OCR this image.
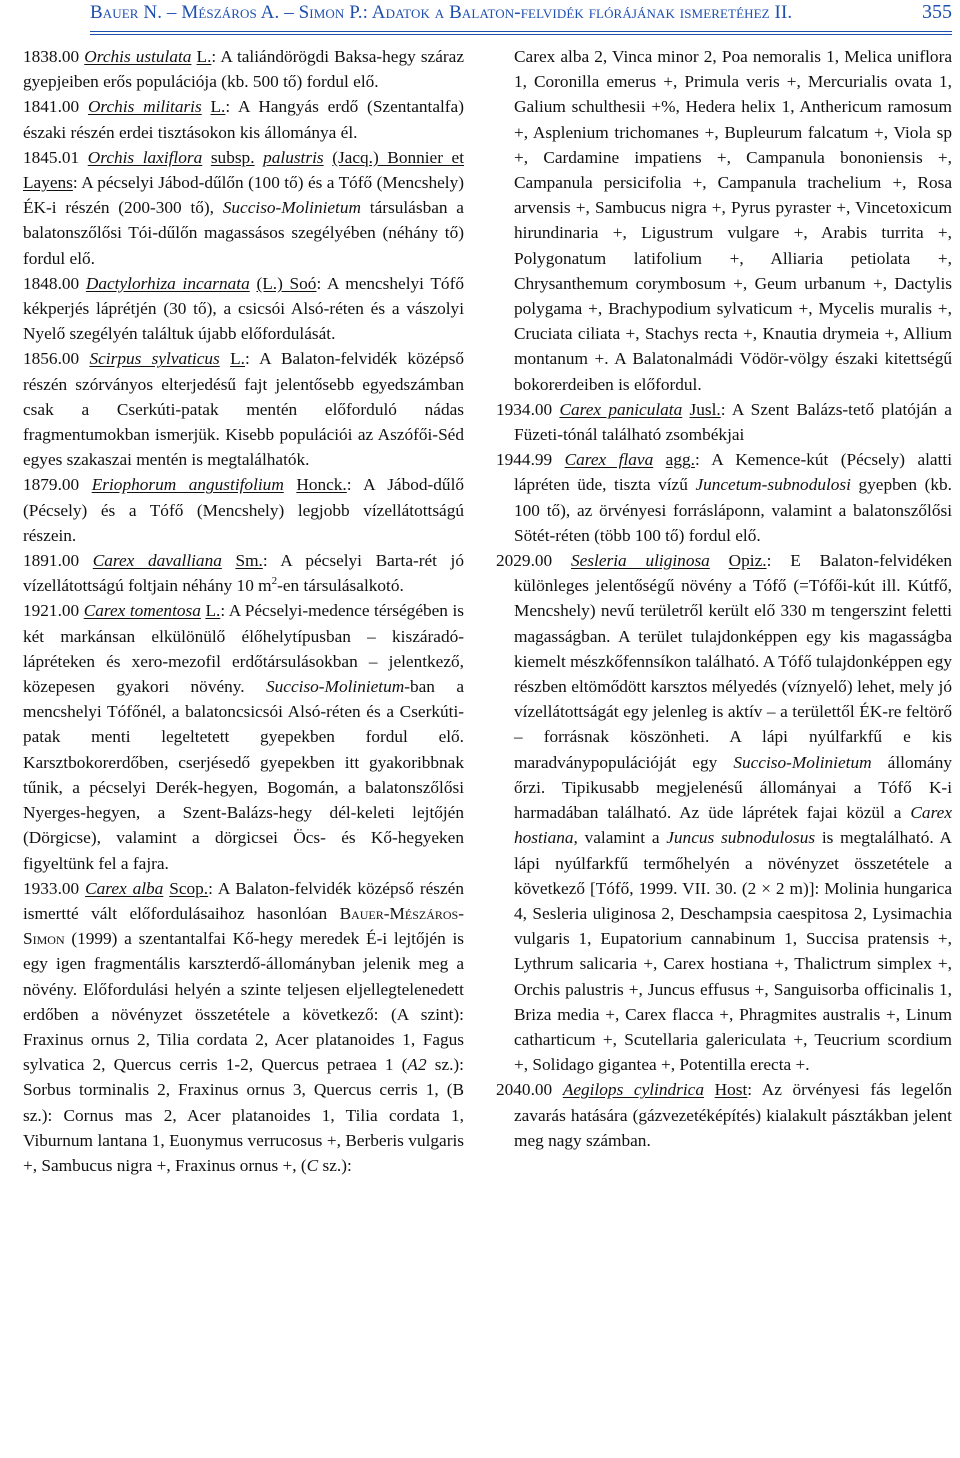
Bauer N. – Mészáros A. – Simon P.: Adatok a Balaton-felvidék flórájának ismeretéhez II.	355

1838.00 Orchis ustulata L.: A taliándörögdi Baksa-hegy száraz gyepjeiben erős populációja (kb. 500 tő) fordul elő.

1841.00 Orchis militaris L.: A Hangyás erdő (Szentantalfa) északi részén erdei tisztásokon kis állománya él.

1845.01 Orchis laxiflora subsp. palustris (Jacq.) Bonnier et Layens: A pécselyi Jábod-dűlőn (100 tő) és a Tófő (Mencshely) ÉK-i részén (200-300 tő), Succiso-Molinietum társulásban a balatonszőlősi Tói-dűlőn magassásos szegélyében (néhány tő) fordul elő.

1848.00 Dactylorhiza incarnata (L.) Soó: A mencshelyi Tófő kékperjés láprétjén (30 tő), a csicsói Alsó-réten és a vászolyi Nyelő szegélyén találtuk újabb előfordulását.

1856.00 Scirpus sylvaticus L.: A Balaton-felvidék középső részén szórványos elterjedésű fajt jelentősebb egyedszámban csak a Cserkúti-patak mentén előforduló nádas fragmentumokban ismerjük. Kisebb populációi az Aszófői-Séd egyes szakaszai mentén is megtalálhatók.

1879.00 Eriophorum angustifolium Honck.: A Jábod-dűlő (Pécsely) és a Tófő (Mencshely) legjobb vízellátottságú részein.

1891.00 Carex davalliana Sm.: A pécselyi Barta-rét jó vízellátottságú foltjain néhány 10 $m^2-en$ társulásalkotó.

1921.00 Carex tomentosa L.: A Pécselyi-medence térségében is két markánsan elkülönülő élőhelytípusban – kiszáradó-lápréteken és xero-mezofil erdőtársulásokban – jelentkező, közepesen gyakori növény. Succiso-Molinietum-ban a mencshelyi Tófőnél, a balatoncsicsói Alsó-réten és a Cserkúti-patak menti legeltetett gyepekben fordul elő. Karsztbokorerdőben, cserjésedő gyepekben itt gyakoribbnak tűnik, a pécselyi Derék-hegyen, Bogomán, a balatonszőlősi Nyerges-hegyen, a Szent-Balázs-hegy dél-keleti lejtőjén (Dörgicse), valamint a dörgicsei Öcs- és Kő-hegyeken figyeltünk fel a fajra.

1933.00 Carex alba Scop.: A Balaton-felvidék középső részén ismertté vált előfordulásaihoz hasonlóan Bauer-Mészáros-Simon (1999) a szentantalfai Kő-hegy meredek É-i lejtőjén is egy igen fragmentális karszterdő-állományban jelenik meg a növény. Előfordulási helyén a szinte teljesen eljellegtelenedett erdőben a növényzet összetétele a következő: (A szint): Fraxinus ornus 2, Tilia cordata 2, Acer platanoides 1, Fagus sylvatica 2, Quercus cerris 1-2, Quercus petraea 1 (A2 sz.): Sorbus torminalis 2, Fraxinus ornus 3, Quercus cerris 1, (B sz.): Cornus mas 2, Acer platanoides 1, Tilia cordata 1, Viburnum lantana 1, Euonymus verrucosus +, Berberis vulgaris +, Sambucus nigra +, Fraxinus ornus +, (C sz.):

Carex alba 2, Vinca minor 2, Poa nemoralis 1, Melica uniflora 1, Coronilla emerus +, Primula veris +, Mercurialis ovata 1, Galium schulthesii +%, Hedera helix 1, Anthericum ramosum +, Asplenium trichomanes +, Bupleurum falcatum +, Viola sp +, Cardamine impatiens +, Campanula bononiensis +, Campanula persicifolia +, Campanula trachelium +, Rosa arvensis +, Sambucus nigra +, Pyrus pyraster +, Vincetoxicum hirundinaria +, Ligustrum vulgare +, Arabis turrita +, Polygonatum latifolium +, Alliaria petiolata +, Chrysanthemum corymbosum +, Geum urbanum +, Dactylis polygama +, Brachypodium sylvaticum +, Mycelis muralis +, Cruciata ciliata +, Stachys recta +, Knautia drymeia +, Allium montanum +. A Balatonalmádi Vödör-völgy északi kitettségű bokorerdeiben is előfordul.

1934.00 Carex paniculata Jusl.: A Szent Balázs-tető platóján a Füzeti-tónál található zsombékjai

1944.99 Carex flava agg.: A Kemence-kút (Pécsely) alatti lápréten üde, tiszta vízű Juncetum-subnodulosi gyepben (kb. 100 tő), az örvényesi forrásláponn, valamint a balatonszőlősi Sötét-réten (több 100 tő) fordul elő.

2029.00 Sesleria uliginosa Opiz.: E Balaton-felvidéken különleges jelentőségű növény a Tófő (=Tófői-kút ill. Kútfő, Mencshely) nevű területről került elő 330 m tengerszint feletti magasságban. A terület tulajdonképpen egy kis magasságba kiemelt mészkőfennsíkon található. A Tófő tulajdonképpen egy részben eltömődött karsztos mélyedés (víznyelő) lehet, mely jó vízellátottságát egy jelenleg is aktív – a területtől ÉK-re feltörő – forrásnak köszönheti. A lápi nyúlfarkfű e kis maradványpopulációját egy Succiso-Molinietum állomány őrzi. Tipikusabb megjelenésű állományai a Tófő K-i harmadában található. Az üde láprétek fajai közül a Carex hostiana, valamint a Juncus subnodulosus is megtalálható. A lápi nyúlfarkfű termőhelyén a növényzet összetétele a következő [Tófő, 1999. VII. 30. (2 × 2 m)]: Molinia hungarica 4, Sesleria uliginosa 2, Deschampsia caespitosa 2, Lysimachia vulgaris 1, Eupatorium cannabinum 1, Succisa pratensis +, Lythrum salicaria +, Carex hostiana +, Thalictrum simplex +, Orchis palustris +, Juncus effusus +, Sanguisorba officinalis 1, Briza media +, Carex flacca +, Phragmites australis +, Linum catharticum +, Scutellaria galericulata +, Teucrium scordium +, Solidago gigantea +, Potentilla erecta +.

2040.00 Aegilops cylindrica Host: Az örvényesi fás legelőn zavarás hatására (gázvezetéképítés) kialakult pásztákban jelent meg nagy számban.
